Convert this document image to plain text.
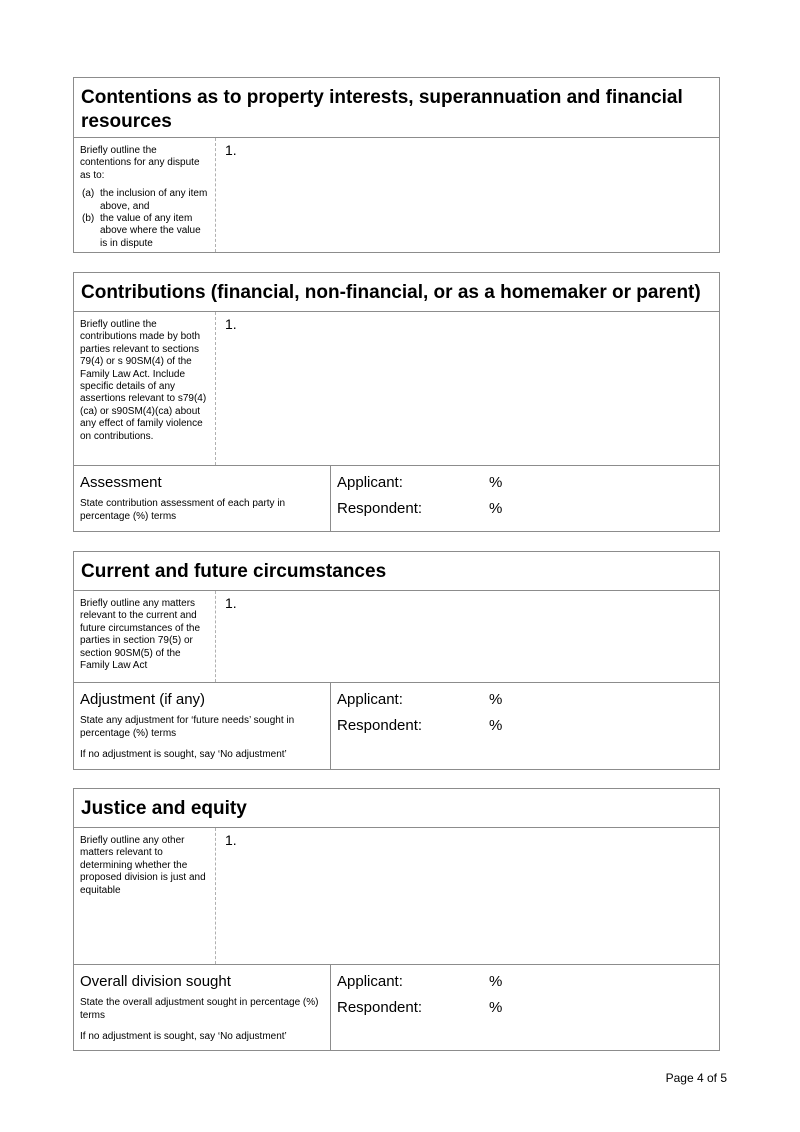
Contentions as to property interests, superannuation and financial resources
Briefly outline the contentions for any dispute as to:
(a) the inclusion of any item above, and
(b) the value of any item above where the value is in dispute
1.
Contributions (financial, non-financial, or as a homemaker or parent)
Briefly outline the contributions made by both parties relevant to sections 79(4) or s 90SM(4) of the Family Law Act. Include specific details of any assertions relevant to s79(4)(ca) or s90SM(4)(ca) about any effect of family violence on contributions.
1.
Assessment
State contribution assessment of each party in percentage (%) terms
Applicant:	%
Respondent:	%
Current and future circumstances
Briefly outline any matters relevant to the current and future circumstances of the parties in section 79(5) or section 90SM(5) of the Family Law Act
1.
Adjustment (if any)
State any adjustment for ‘future needs’ sought in percentage (%) terms
If no adjustment is sought, say ‘No adjustment’
Applicant:	%
Respondent:	%
Justice and equity
Briefly outline any other matters relevant to determining whether the proposed division is just and equitable
1.
Overall division sought
State the overall adjustment sought in percentage (%) terms
If no adjustment is sought, say ‘No adjustment’
Applicant:	%
Respondent:	%
Page 4 of 5
